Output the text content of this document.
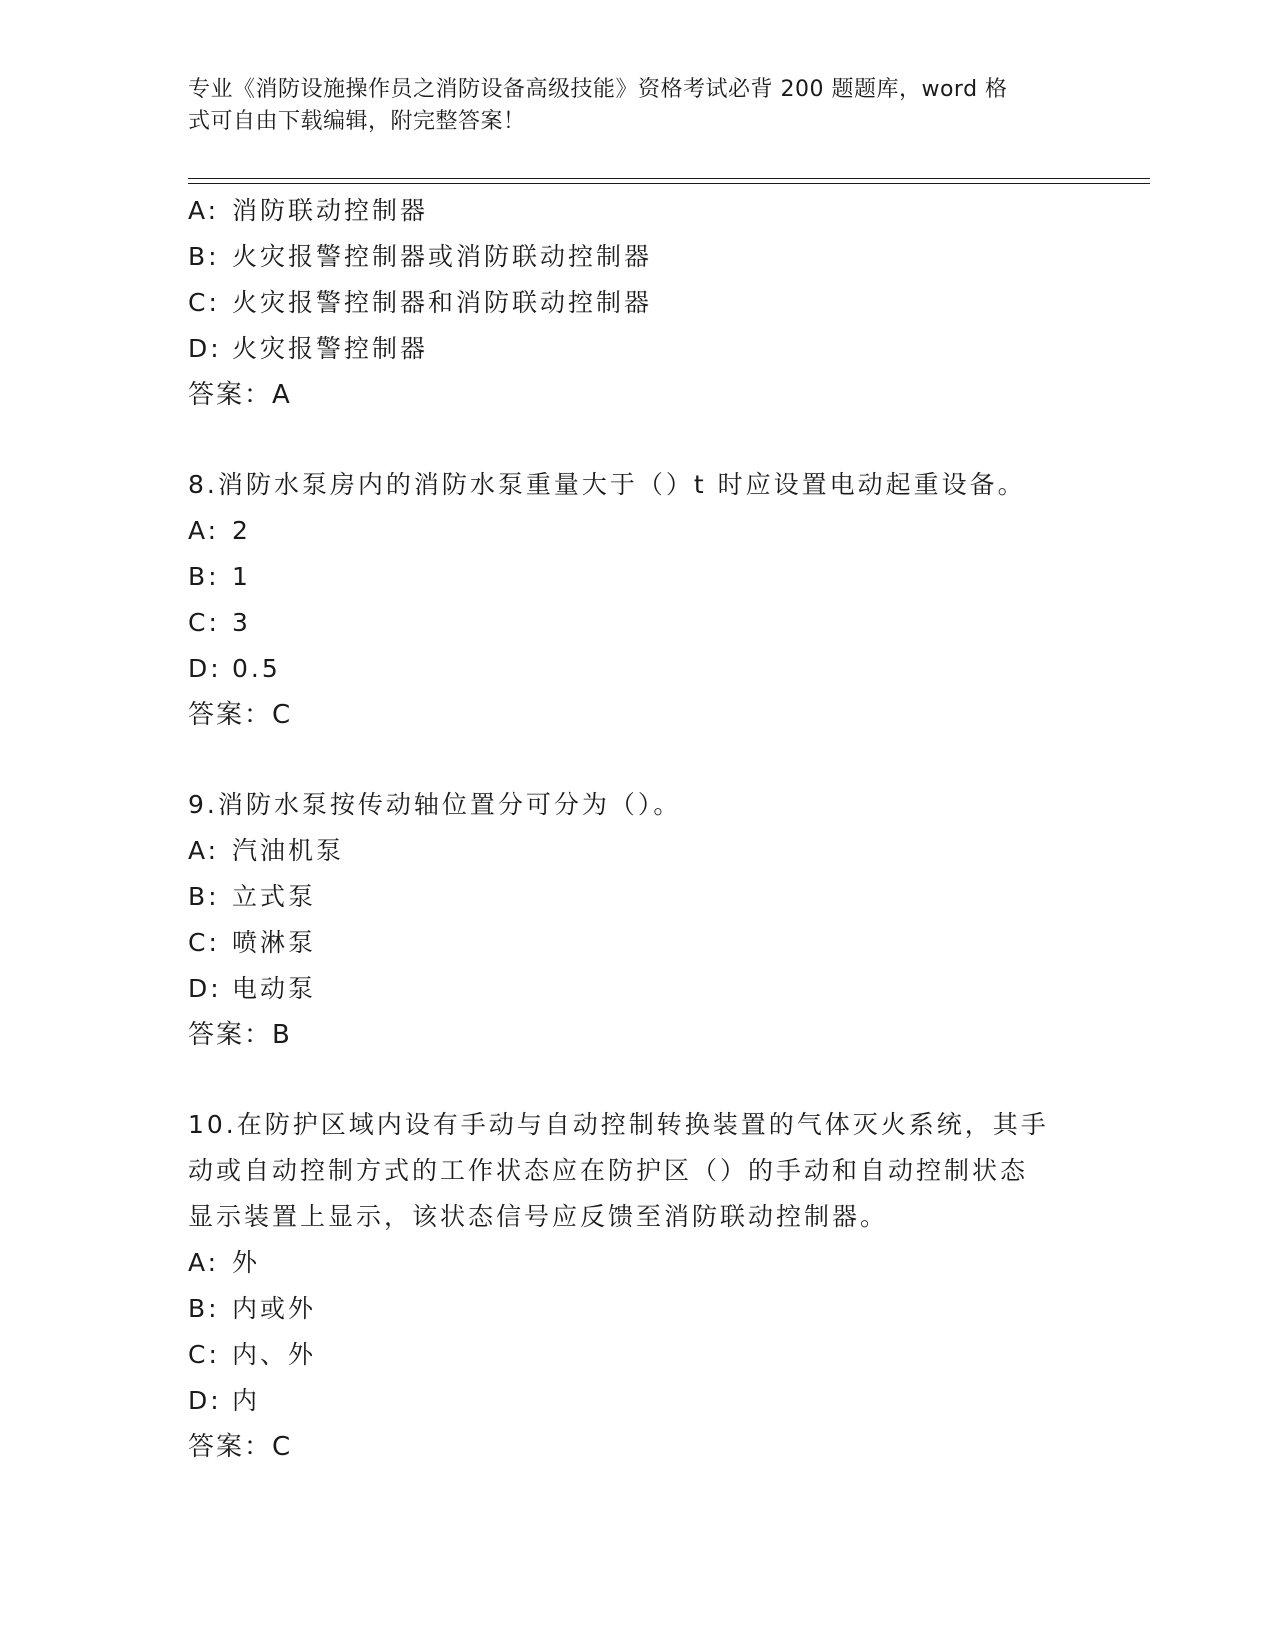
专业《消防设施操作员之消防设备高级技能》资格考试必背 200 题题库，word 格
式可自由下载编辑，附完整答案！
A: 消防联动控制器
B: 火灾报警控制器或消防联动控制器
C: 火灾报警控制器和消防联动控制器
D: 火灾报警控制器
答案：A
8.消防水泵房内的消防水泵重量大于（）t 时应设置电动起重设备。
A: 2
B: 1
C: 3
D: 0.5
答案：C
9.消防水泵按传动轴位置分可分为（）。
A: 汽油机泵
B: 立式泵
C: 喷淋泵
D: 电动泵
答案：B
10.在防护区域内设有手动与自动控制转换装置的气体灭火系统，其手
动或自动控制方式的工作状态应在防护区（）的手动和自动控制状态
显示装置上显示，该状态信号应反馈至消防联动控制器。
A: 外
B: 内或外
C: 内、外
D: 内
答案：C
